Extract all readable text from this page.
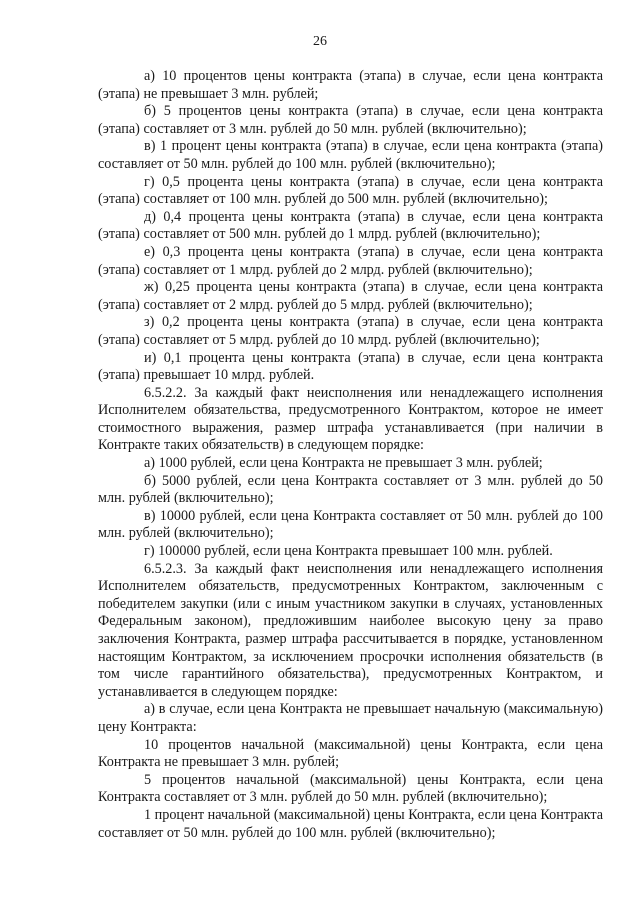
26

а) 10 процентов цены контракта (этапа) в случае, если цена контракта (этапа) не превышает 3 млн. рублей;

б) 5 процентов цены контракта (этапа) в случае, если цена контракта (этапа) составляет от 3 млн. рублей до 50 млн. рублей (включительно);

в) 1 процент цены контракта (этапа) в случае, если цена контракта (этапа) составляет от 50 млн. рублей до 100 млн. рублей (включительно);

г) 0,5 процента цены контракта (этапа) в случае, если цена контракта (этапа) составляет от 100 млн. рублей до 500 млн. рублей (включительно);

д) 0,4 процента цены контракта (этапа) в случае, если цена контракта (этапа) составляет от 500 млн. рублей до 1 млрд. рублей (включительно);

е) 0,3 процента цены контракта (этапа) в случае, если цена контракта (этапа) составляет от 1 млрд. рублей до 2 млрд. рублей (включительно);

ж) 0,25 процента цены контракта (этапа) в случае, если цена контракта (этапа) составляет от 2 млрд. рублей до 5 млрд. рублей (включительно);

з) 0,2 процента цены контракта (этапа) в случае, если цена контракта (этапа) составляет от 5 млрд. рублей до 10 млрд. рублей (включительно);

и) 0,1 процента цены контракта (этапа) в случае, если цена контракта (этапа) превышает 10 млрд. рублей.

6.5.2.2. За каждый факт неисполнения или ненадлежащего исполнения Исполнителем обязательства, предусмотренного Контрактом, которое не имеет стоимостного выражения, размер штрафа устанавливается (при наличии в Контракте таких обязательств) в следующем порядке:

а) 1000 рублей, если цена Контракта не превышает 3 млн. рублей;

б) 5000 рублей, если цена Контракта составляет от 3 млн. рублей до 50 млн. рублей (включительно);

в) 10000 рублей, если цена Контракта составляет от 50 млн. рублей до 100 млн. рублей (включительно);

г) 100000 рублей, если цена Контракта превышает 100 млн. рублей.

6.5.2.3. За каждый факт неисполнения или ненадлежащего исполнения Исполнителем обязательств, предусмотренных Контрактом, заключенным с победителем закупки (или с иным участником закупки в случаях, установленных Федеральным законом), предложившим наиболее высокую цену за право заключения Контракта, размер штрафа рассчитывается в порядке, установленном настоящим Контрактом, за исключением просрочки исполнения обязательств (в том числе гарантийного обязательства), предусмотренных Контрактом, и устанавливается в следующем порядке:

а) в случае, если цена Контракта не превышает начальную (максимальную) цену Контракта:

10 процентов начальной (максимальной) цены Контракта, если цена Контракта не превышает 3 млн. рублей;

5 процентов начальной (максимальной) цены Контракта, если цена Контракта составляет от 3 млн. рублей до 50 млн. рублей (включительно);

1 процент начальной (максимальной) цены Контракта, если цена Контракта составляет от 50 млн. рублей до 100 млн. рублей (включительно);
